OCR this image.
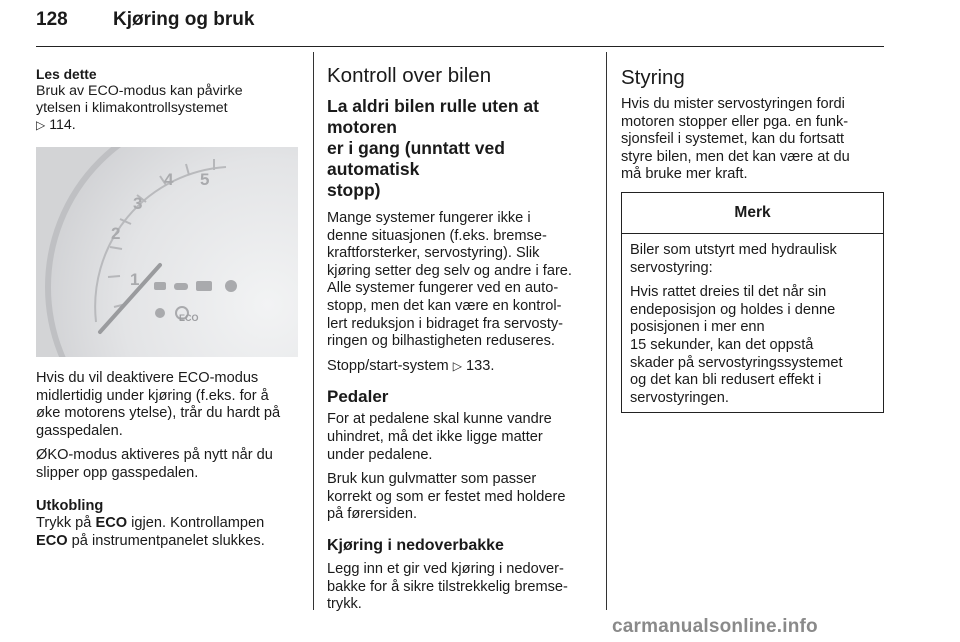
128 Kjøring og bruk

Les dette

Bruk av ECO-modus kan påvirke

ytelsen i klimakontrollsystemet

▷ 114.

1
2
3
4 5
ECO

Hvis du vil deaktivere ECO-modus

midlertidig under kjøring (f.eks. for å

øke motorens ytelse), trår du hardt på

gasspedalen.

ØKO-modus aktiveres på nytt når du

slipper opp gasspedalen.

Utkobling

Trykk på ECO igjen. Kontrollampen

ECO på instrumentpanelet slukkes.

Kontroll over bilen

La aldri bilen rulle uten at motoren

er i gang (unntatt ved automatisk

stopp)

Mange systemer fungerer ikke i

denne situasjonen (f.eks. bremse-

kraftforsterker, servostyring). Slik

kjøring setter deg selv og andre i fare.

Alle systemer fungerer ved en auto-

stopp, men det kan være en kontrol-

lert reduksjon i bidraget fra servosty-

ringen og bilhastigheten reduseres.

Stopp/start-system ▷ 133.

Pedaler

For at pedalene skal kunne vandre

uhindret, må det ikke ligge matter

under pedalene.

Bruk kun gulvmatter som passer

korrekt og som er festet med holdere

på førersiden.

Kjøring i nedoverbakke

Legg inn et gir ved kjøring i nedover-

bakke for å sikre tilstrekkelig bremse-

trykk.

Styring

Hvis du mister servostyringen fordi

motoren stopper eller pga. en funk-

sjonsfeil i systemet, kan du fortsatt

styre bilen, men det kan være at du

må bruke mer kraft.

Merk

Biler som utstyrt med hydraulisk

servostyring:

Hvis rattet dreies til det når sin

endeposisjon og holdes i denne

posisjonen i mer enn

15 sekunder, kan det oppstå

skader på servostyringssystemet

og det kan bli redusert effekt i

servostyringen.

carmanualsonline.info
